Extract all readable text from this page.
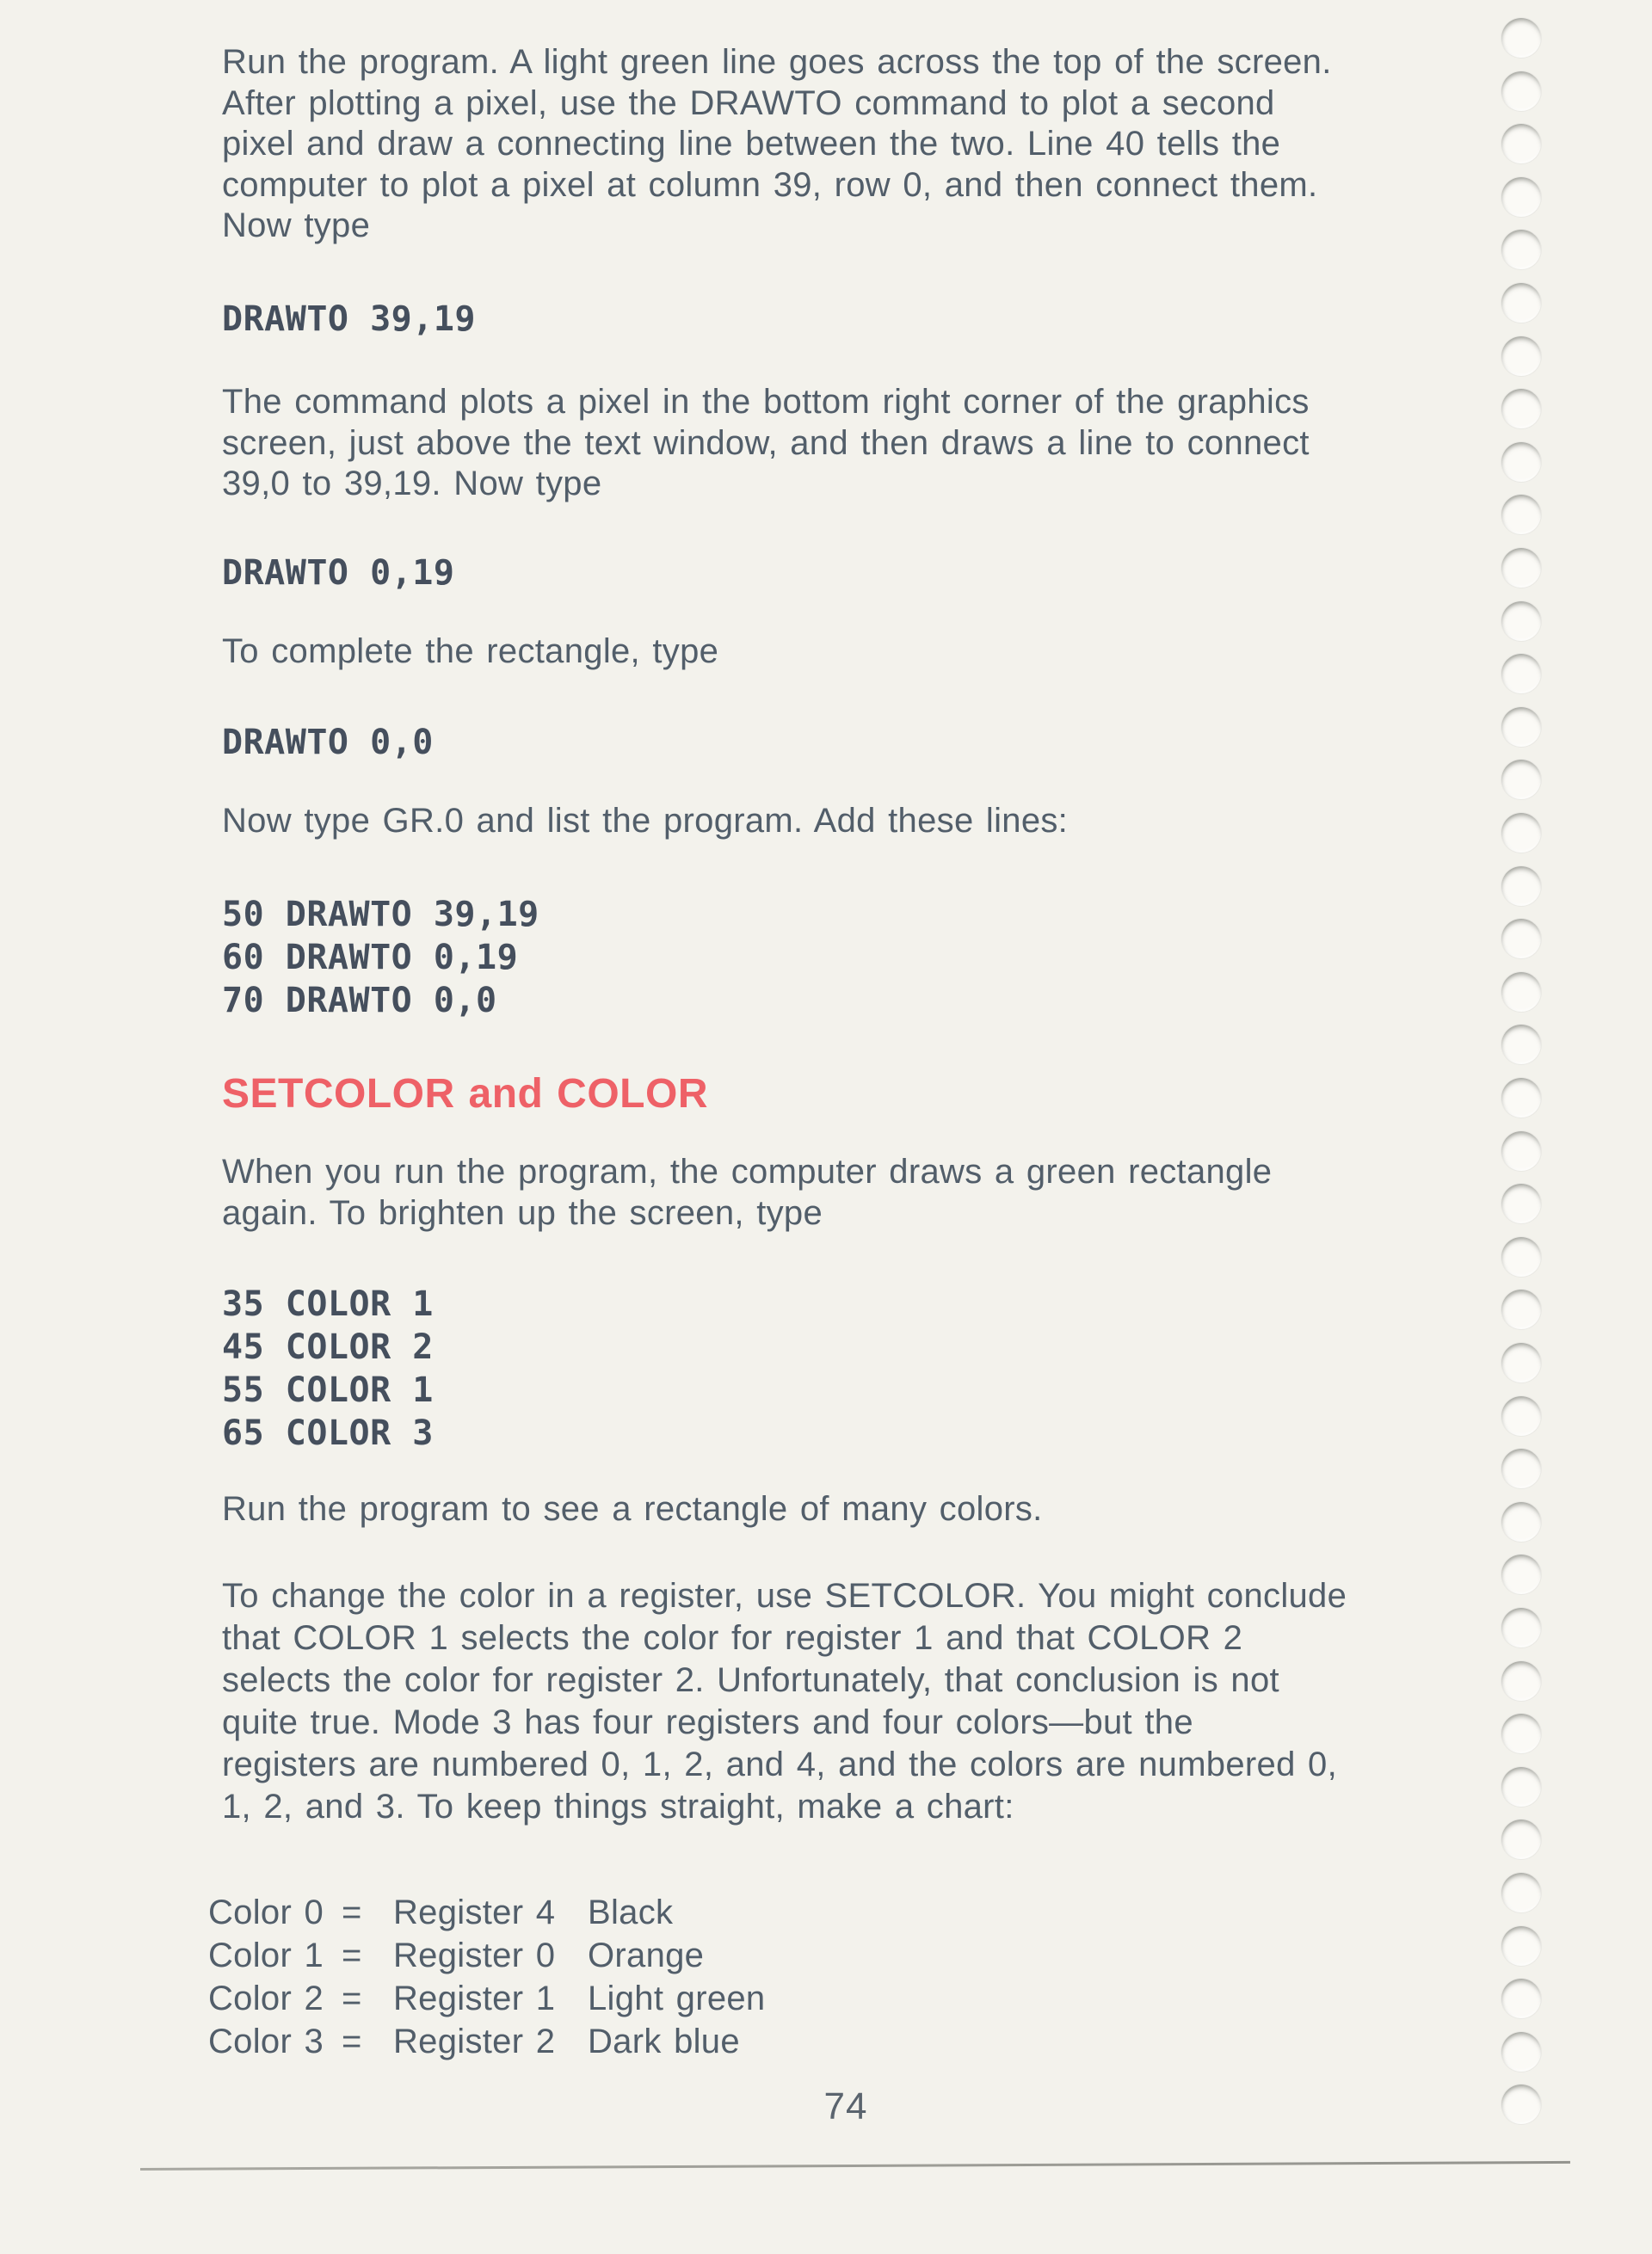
Run the program. A light green line goes across the top of the screen.
After plotting a pixel, use the DRAWTO command to plot a second
pixel and draw a connecting line between the two. Line 40 tells the
computer to plot a pixel at column 39, row 0, and then connect them.
Now type
DRAWTO 39,19
The command plots a pixel in the bottom right corner of the graphics
screen, just above the text window, and then draws a line to connect
39,0 to 39,19. Now type
DRAWTO 0,19
To complete the rectangle, type
DRAWTO 0,0
Now type GR.0 and list the program. Add these lines:
50 DRAWTO 39,19
60 DRAWTO 0,19
70 DRAWTO 0,0
SETCOLOR and COLOR
When you run the program, the computer draws a green rectangle
again. To brighten up the screen, type
35 COLOR 1
45 COLOR 2
55 COLOR 1
65 COLOR 3
Run the program to see a rectangle of many colors.
To change the color in a register, use SETCOLOR. You might conclude
that COLOR 1 selects the color for register 1 and that COLOR 2
selects the color for register 2. Unfortunately, that conclusion is not
quite true. Mode 3 has four registers and four colors—but the
registers are numbered 0, 1, 2, and 4, and the colors are numbered 0,
1, 2, and 3. To keep things straight, make a chart:
Color 0 = Register 4 Black
Color 1 = Register 0 Orange
Color 2 = Register 1 Light green
Color 3 = Register 2 Dark blue
74
